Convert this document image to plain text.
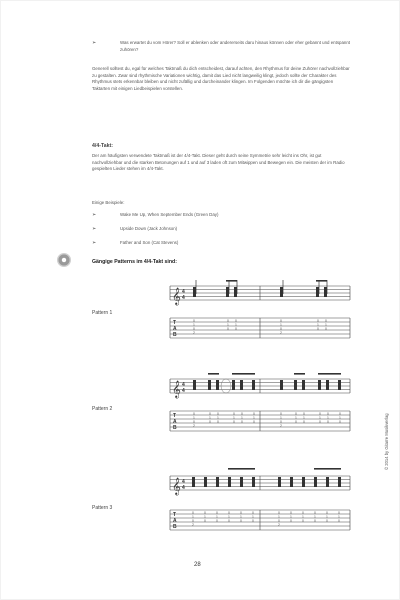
➢	Was erwartet du vom Hörer? Soll er ablenken oder andererseits daru hinaus können oder eher gebannt und entspannt zuhören?
Generell solltest du, egal für welches Taktmaß du dich entscheidest, darauf achten, den Rhythmus für deine Zuhörer nachvollziehbar zu gestalten. Zwar sind rhythmische Variationen wichtig, damit das Lied nicht langweilig klingt, jedoch sollte der Charakter des Rhythmus stets erkennbar bleiben und nicht zufällig und durcheinander klingen. Im Folgenden möchte ich dir die gängigsten Taktarten mit einigen Liedbeispielen vorstellen.
4/4-Takt:
Der am häufigsten verwendete Taktmaß ist der 4/4-Takt. Dieser geht durch seine Symmetrie sehr leicht ins Ohr, ist gut nachvollziehbar und die starken Betonungen auf 1 und auf 3 laden oft zum Mitwippen und Bewegen ein. Die meisten der im Radio gespielten Lieder stehen im 4/4-Takt.
Einige Beispiele:
➢	Wake Me Up, When September Ends (Green Day)
➢	Upside Down (Jack Johnson)
➢	Father and Son (Cat Stevens)
Gängige Patterns im 4/4-Takt sind:
Pattern 1
𝄞 4
4
T
A
B
0
1
0
2
0
1
0
0
1
0
0
1
0
2
0
1
0
0
1
0
Pattern 2
𝄞 4
4
T
A
B
0
1
0
2
0
1
0
0
1
0
0
1
0
0
1
0
0
1
0
0
1
0
2
0
1
0
0
1
0
0
1
0
0
1
0
0
1
0
Pattern 3
𝄞 4
4
T
A
B
0
1
0
2
0
1
0
0
1
0
0
1
0
0
1
0
0
1
0
0
1
0
2
0
1
0
0
1
0
0
1
0
0
1
0
0
1
0
28
© 2014 by Gitarre Musikverlag
